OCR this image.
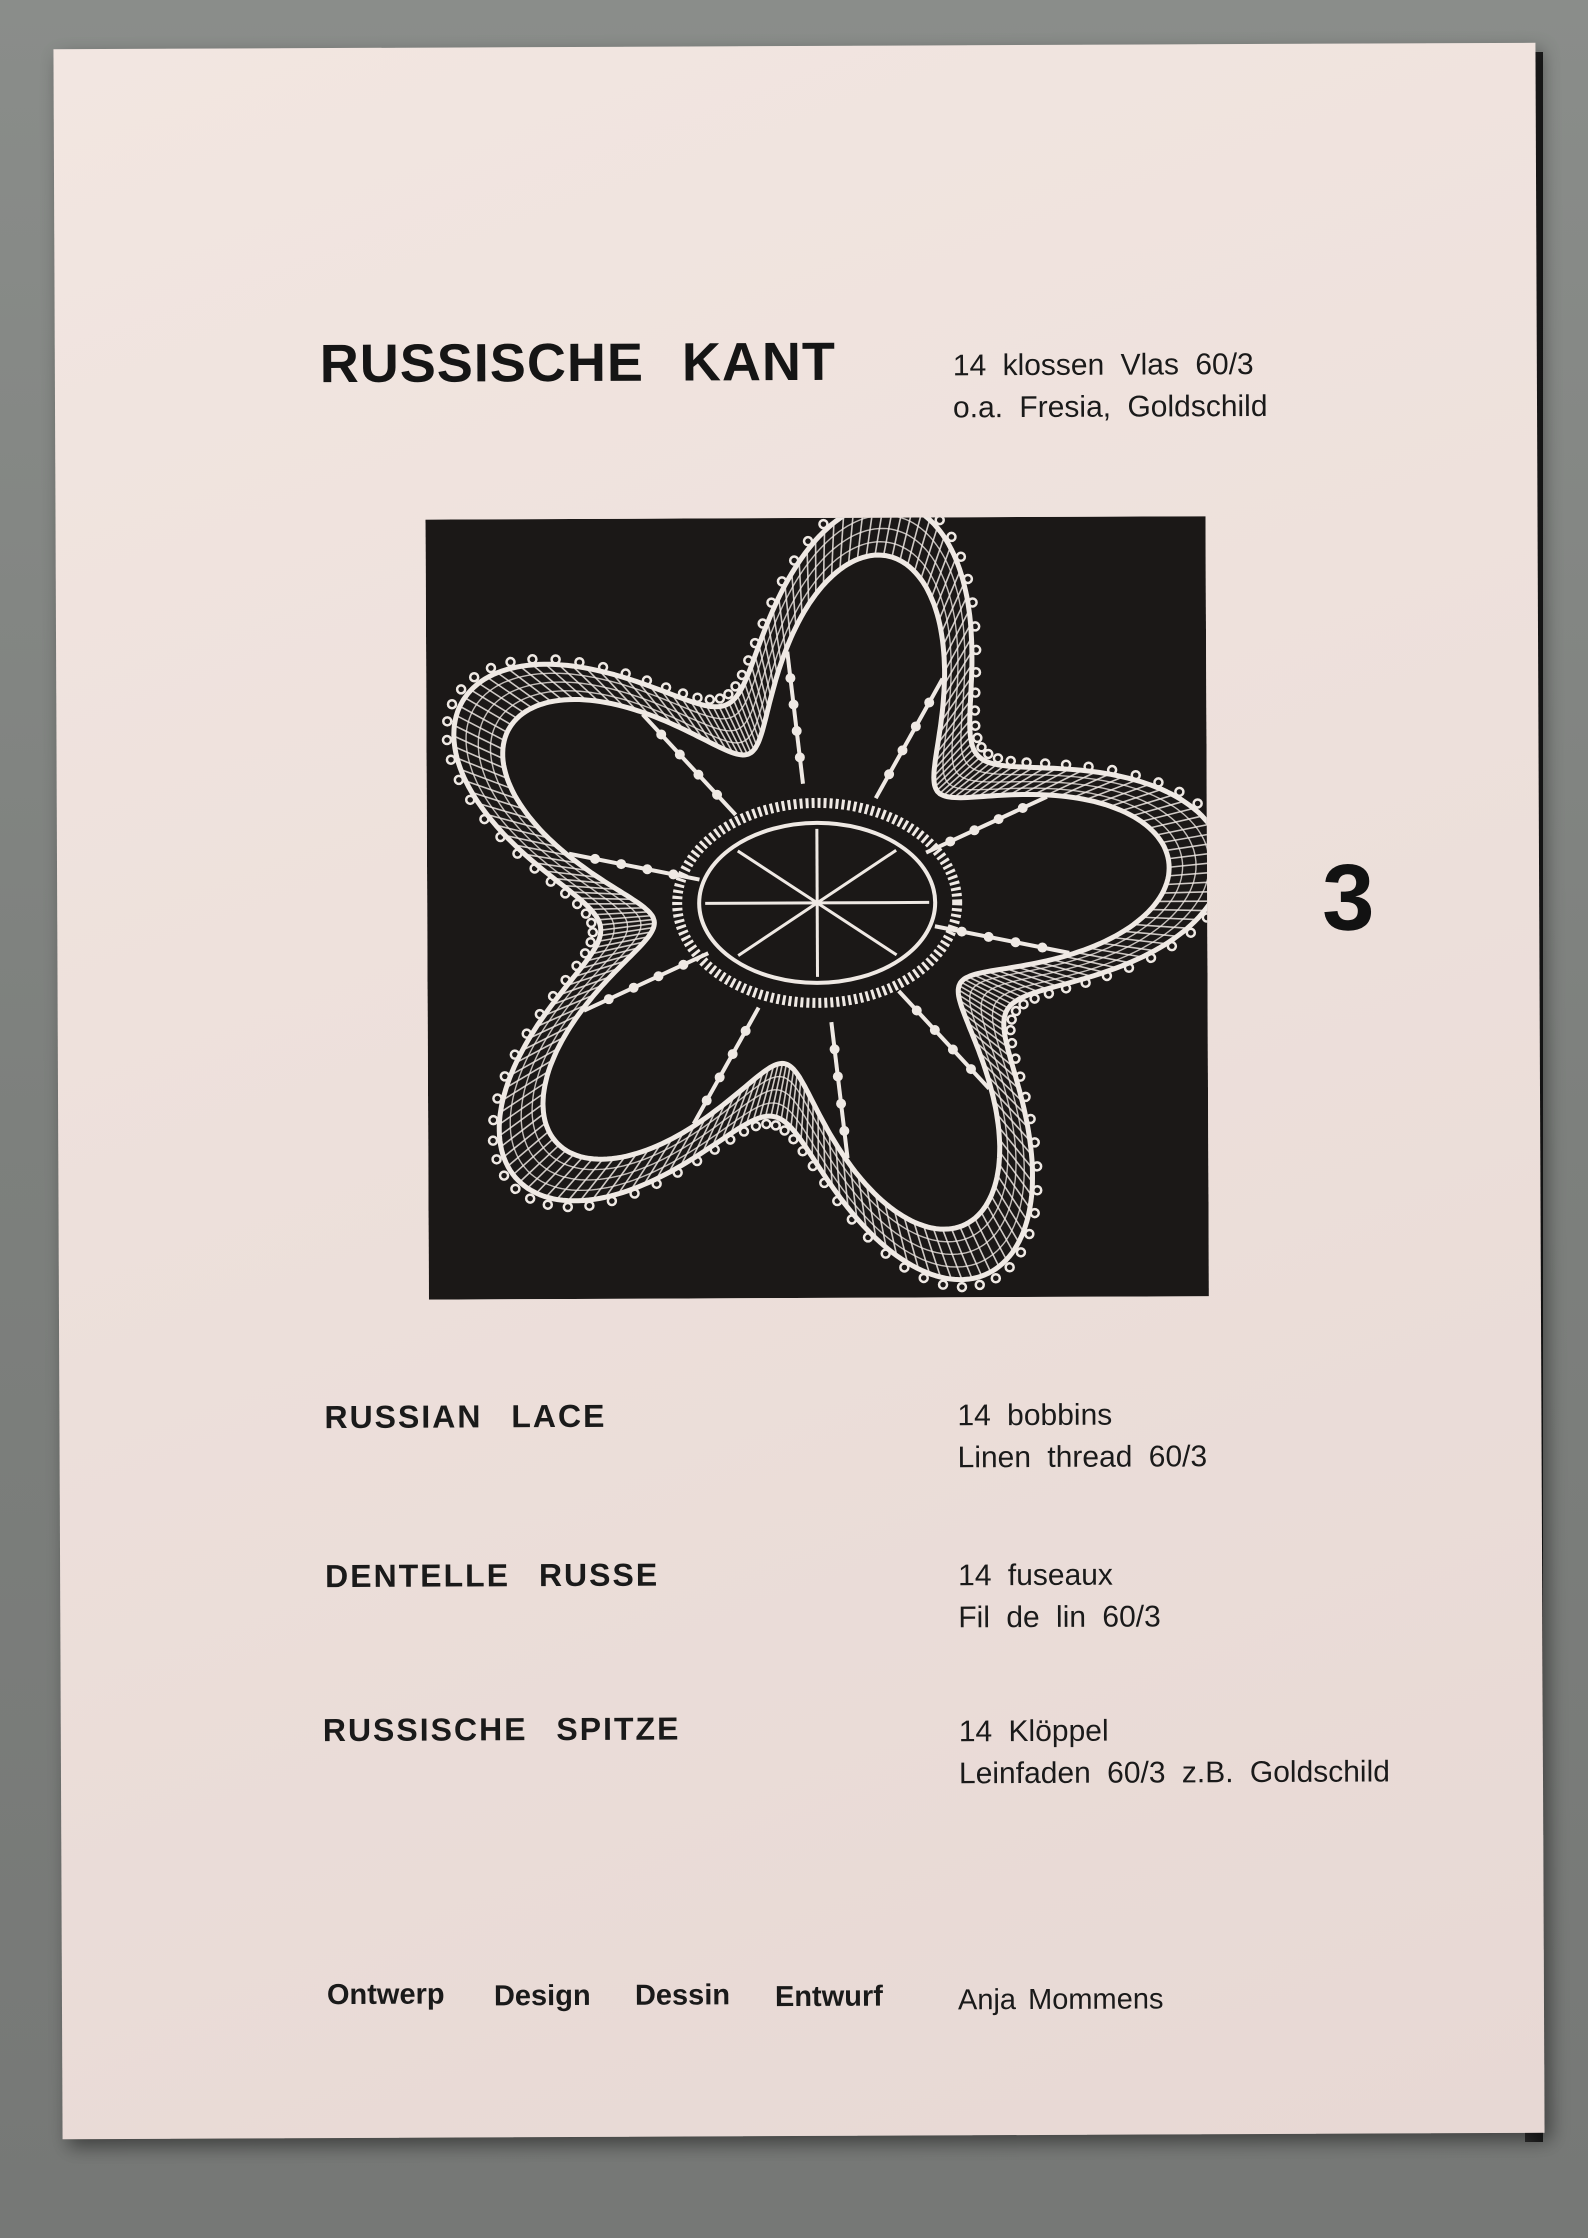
RUSSISCHE KANT	14 klossen Vlas 60/3
o.a. Fresia, Goldschild
3
RUSSIAN LACE	14 bobbins
Linen thread 60/3
DENTELLE RUSSE	14 fuseaux
Fil de lin 60/3
RUSSISCHE SPITZE	14 Klöppel
Leinfaden 60/3 z.B. Goldschild
Ontwerp Design Dessin Entwurf	Anja Mommens
